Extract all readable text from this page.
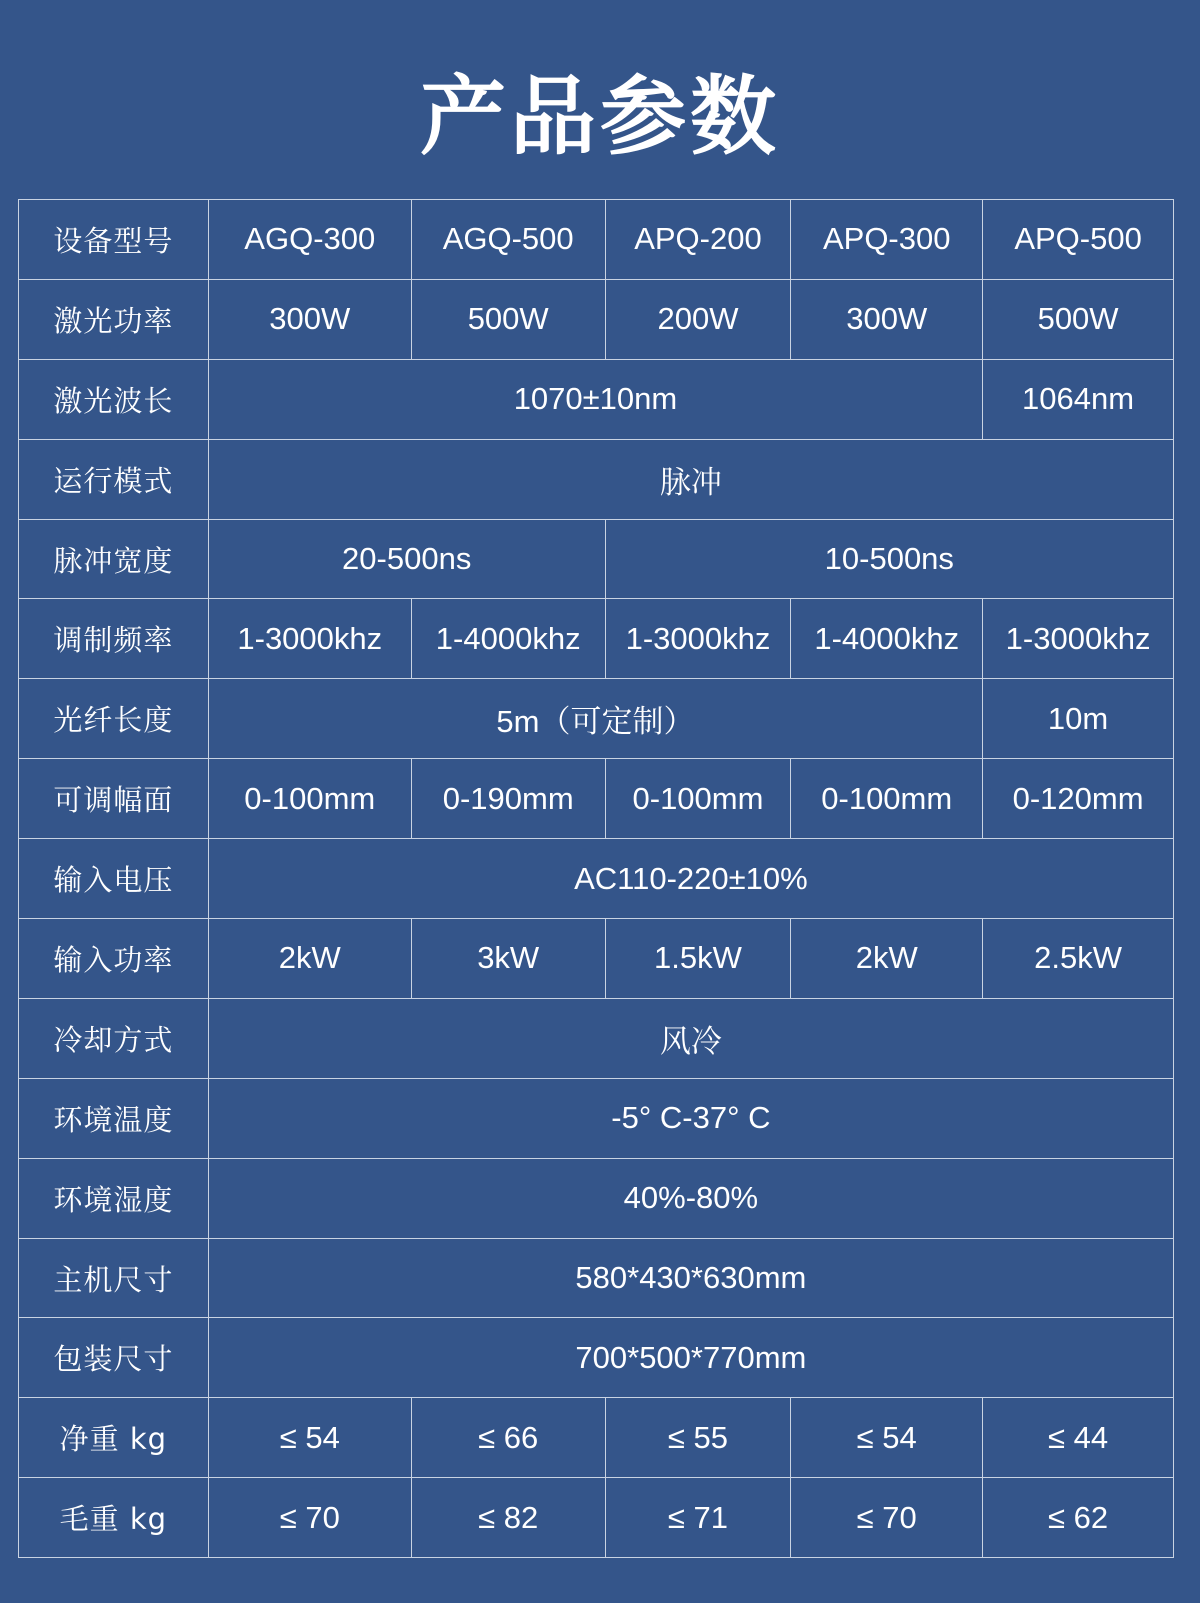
产品参数
设备型号	AGQ-300	AGQ-500	APQ-200	APQ-300	APQ-500
激光功率	300W	500W	200W	300W	500W
激光波长	1070±10nm				1064nm
运行模式	脉冲				
脉冲宽度	20-500ns		10-500ns		
调制频率	1-3000khz	1-4000khz	1-3000khz	1-4000khz	1-3000khz
光纤长度	5m（可定制）				10m
可调幅面	0-100mm	0-190mm	0-100mm	0-100mm	0-120mm
输入电压	AC110-220±10%				
输入功率	2kW	3kW	1.5kW	2kW	2.5kW
冷却方式	风冷				
环境温度	-5° C-37° C				
环境湿度	40%-80%				
主机尺寸	580*430*630mm				
包装尺寸	700*500*770mm				
净重 kg	≤ 54	≤ 66	≤ 55	≤ 54	≤ 44
毛重 kg	≤ 70	≤ 82	≤ 71	≤ 70	≤ 62
